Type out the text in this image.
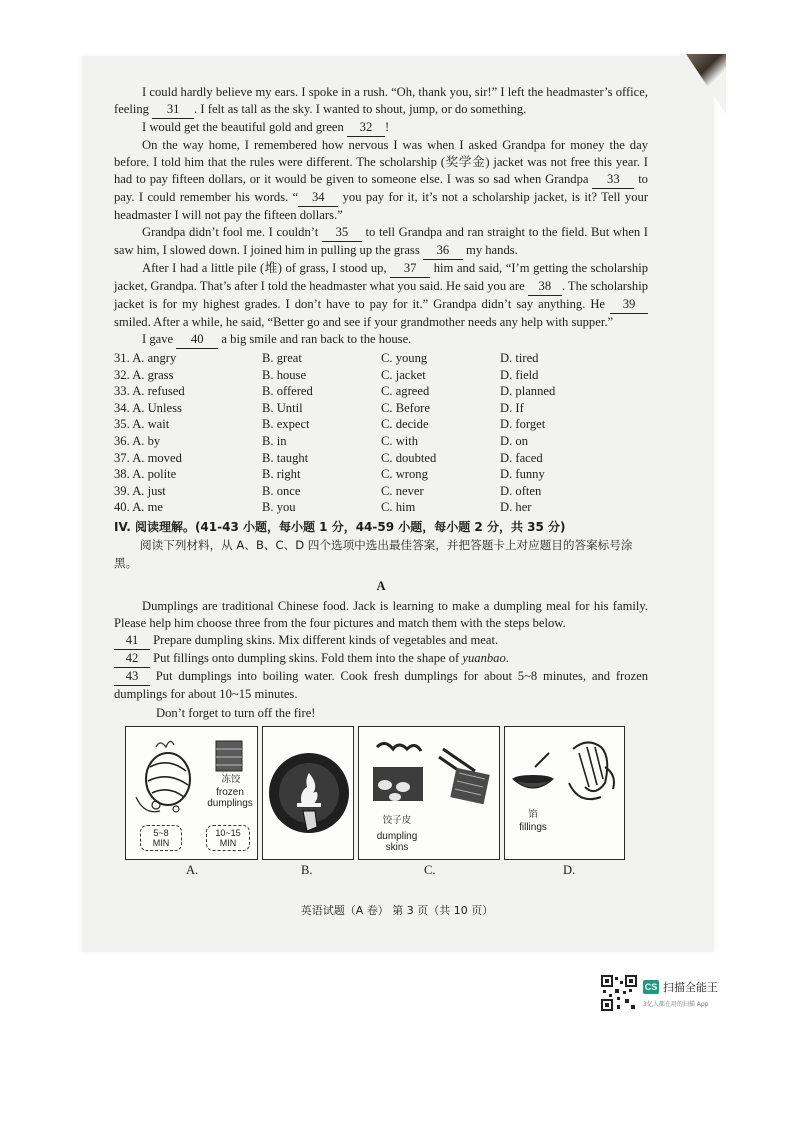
I could hardly believe my ears. I spoke in a rush. “Oh, thank you, sir!” I left the headmaster’s office, feeling 31 . I felt as tall as the sky. I wanted to shout, jump, or do something.

I would get the beautiful gold and green 32 !

On the way home, I remembered how nervous I was when I asked Grandpa for money the day before. I told him that the rules were different. The scholarship (奖学金) jacket was not free this year. I had to pay fifteen dollars, or it would be given to someone else. I was so sad when Grandpa 33 to pay. I could remember his words. “ 34 you pay for it, it’s not a scholarship jacket, is it? Tell your headmaster I will not pay the fifteen dollars.”

Grandpa didn’t fool me. I couldn’t 35 to tell Grandpa and ran straight to the field. But when I saw him, I slowed down. I joined him in pulling up the grass 36 my hands.

After I had a little pile (堆) of grass, I stood up, 37 him and said, “I’m getting the scholarship jacket, Grandpa. That’s after I told the headmaster what you said. He said you are 38 . The scholarship jacket is for my highest grades. I don’t have to pay for it.” Grandpa didn’t say anything. He 39 smiled. After a while, he said, “Better go and see if your grandmother needs any help with supper.”

I gave 40 a big smile and ran back to the house.

31. A. angry	B. great	C. young	D. tired
32. A. grass	B. house	C. jacket	D. field
33. A. refused	B. offered	C. agreed	D. planned
34. A. Unless	B. Until	C. Before	D. If
35. A. wait	B. expect	C. decide	D. forget
36. A. by	B. in	C. with	D. on
37. A. moved	B. taught	C. doubted	D. faced
38. A. polite	B. right	C. wrong	D. funny
39. A. just	B. once	C. never	D. often
40. A. me	B. you	C. him	D. her
IV. 阅读理解。(41-43 小题，每小题 1 分，44-59 小题，每小题 2 分，共 35 分)

阅读下列材料，从 A、B、C、D 四个选项中选出最佳答案，并把答题卡上对应题目的答案标号涂黑。

A

Dumplings are traditional Chinese food. Jack is learning to make a dumpling meal for his family. Please help him choose three from the four pictures and match them with the steps below.

41 Prepare dumpling skins. Mix different kinds of vegetables and meat.

42 Put fillings onto dumpling skins. Fold them into the shape of yuanbao.

43 Put dumplings into boiling water. Cook fresh dumplings for about 5~8 minutes, and frozen dumplings for about 10~15 minutes.

Don’t forget to turn off the fire!

冻饺
frozen
dumplings
5~8
MIN
10~15
MIN
饺子皮
dumpling
skins
馅
fillings
A.	B.	C.	D.
英语试题（A 卷） 第 3 页（共 10 页）
CS 扫描全能王
3亿人都在用的扫描 App
